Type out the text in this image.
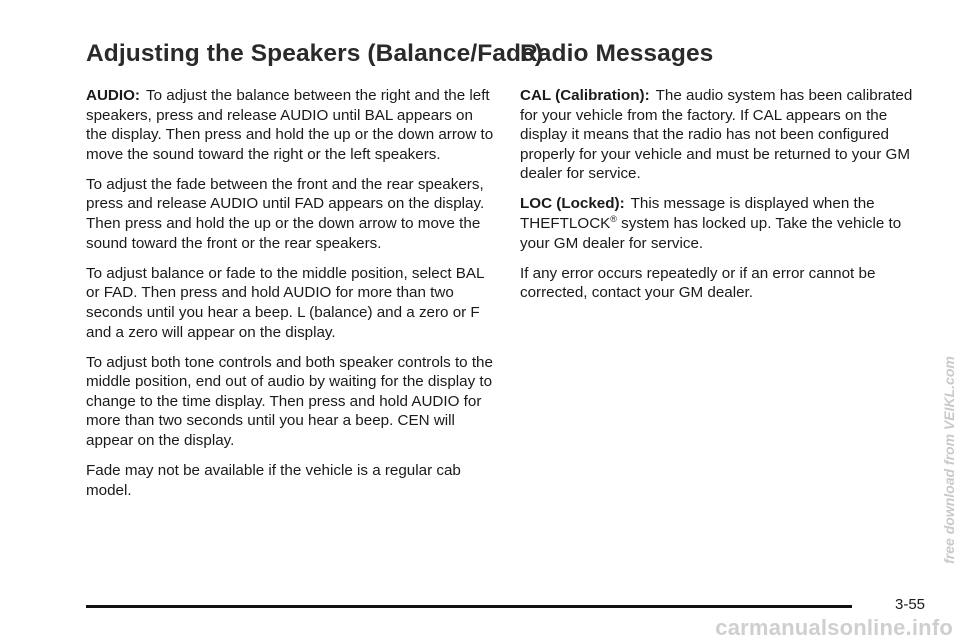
Adjusting the Speakers (Balance/Fade)

AUDIO: To adjust the balance between the right and the left speakers, press and release AUDIO until BAL appears on the display. Then press and hold the up or the down arrow to move the sound toward the right or the left speakers.

To adjust the fade between the front and the rear speakers, press and release AUDIO until FAD appears on the display. Then press and hold the up or the down arrow to move the sound toward the front or the rear speakers.

To adjust balance or fade to the middle position, select BAL or FAD. Then press and hold AUDIO for more than two seconds until you hear a beep. L (balance) and a zero or F and a zero will appear on the display.

To adjust both tone controls and both speaker controls to the middle position, end out of audio by waiting for the display to change to the time display. Then press and hold AUDIO for more than two seconds until you hear a beep. CEN will appear on the display.

Fade may not be available if the vehicle is a regular cab model.

Radio Messages

CAL (Calibration): The audio system has been calibrated for your vehicle from the factory. If CAL appears on the display it means that the radio has not been configured properly for your vehicle and must be returned to your GM dealer for service.

LOC (Locked): This message is displayed when the THEFTLOCK® system has locked up. Take the vehicle to your GM dealer for service.

If any error occurs repeatedly or if an error cannot be corrected, contact your GM dealer.

3-55
free download from VEIKL.com
carmanualsonline.info
